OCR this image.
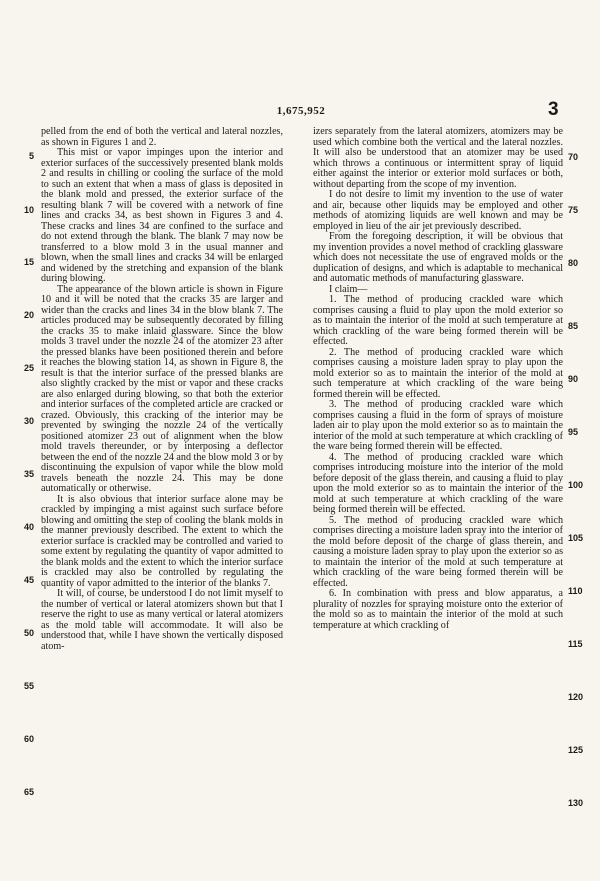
1,675,952	3

pelled from the end of both the vertical and lateral nozzles, as shown in Figures 1 and 2.

This mist or vapor impinges upon the interior and exterior surfaces of the successively presented blank molds 2 and results in chilling or cooling the surface of the mold to such an extent that when a mass of glass is deposited in the blank mold and pressed, the exterior surface of the resulting blank 7 will be covered with a network of fine lines and cracks 34, as best shown in Figures 3 and 4. These cracks and lines 34 are confined to the surface and do not extend through the blank. The blank 7 may now be transferred to a blow mold 3 in the usual manner and blown, when the small lines and cracks 34 will be enlarged and widened by the stretching and expansion of the blank during blowing.

The appearance of the blown article is shown in Figure 10 and it will be noted that the cracks 35 are larger and wider than the cracks and lines 34 in the blow blank 7. The articles produced may be subsequently decorated by filling the cracks 35 to make inlaid glassware. Since the blow molds 3 travel under the nozzle 24 of the atomizer 23 after the pressed blanks have been positioned therein and before it reaches the blowing station 14, as shown in Figure 8, the result is that the interior surface of the pressed blanks are also slightly cracked by the mist or vapor and these cracks are also enlarged during blowing, so that both the exterior and interior surfaces of the completed article are cracked or crazed. Obviously, this cracking of the interior may be prevented by swinging the nozzle 24 of the vertically positioned atomizer 23 out of alignment when the blow mold travels thereunder, or by interposing a deflector between the end of the nozzle 24 and the blow mold 3 or by discontinuing the expulsion of vapor while the blow mold travels beneath the nozzle 24. This may be done automatically or otherwise.

It is also obvious that interior surface alone may be crackled by impinging a mist against such surface before blowing and omitting the step of cooling the blank molds in the manner previously described. The extent to which the exterior surface is crackled may be controlled and varied to some extent by regulating the quantity of vapor admitted to the blank molds and the extent to which the interior surface is crackled may also be controlled by regulating the quantity of vapor admitted to the interior of the blanks 7.

It will, of course, be understood I do not limit myself to the number of vertical or lateral atomizers shown but that I reserve the right to use as many vertical or lateral atomizers as the mold table will accommodate. It will also be understood that, while I have shown the vertically disposed atom-

5
10
15
20
25
30
35
40
45
50
55
60
65

izers separately from the lateral atomizers, atomizers may be used which combine both the vertical and the lateral nozzles. It will also be understood that an atomizer may be used which throws a continuous or intermittent spray of liquid either against the interior or exterior mold surfaces or both, without departing from the scope of my invention.

I do not desire to limit my invention to the use of water and air, because other liquids may be employed and other methods of atomizing liquids are well known and may be employed in lieu of the air jet previously described.

From the foregoing description, it will be obvious that my invention provides a novel method of crackling glassware which does not necessitate the use of engraved molds or the duplication of designs, and which is adaptable to mechanical and automatic methods of manufacturing glassware.

I claim—

1. The method of producing crackled ware which comprises causing a fluid to play upon the mold exterior so as to maintain the interior of the mold at such temperature at which crackling of the ware being formed therein will be effected.

2. The method of producing crackled ware which comprises causing a moisture laden spray to play upon the mold exterior so as to maintain the interior of the mold at such temperature at which crackling of the ware being formed therein will be effected.

3. The method of producing crackled ware which comprises causing a fluid in the form of sprays of moisture laden air to play upon the mold exterior so as to maintain the interior of the mold at such temperature at which crackling of the ware being formed therein will be effected.

4. The method of producing crackled ware which comprises introducing moisture into the interior of the mold before deposit of the glass therein, and causing a fluid to play upon the mold exterior so as to maintain the interior of the mold at such temperature at which crackling of the ware being formed therein will be effected.

5. The method of producing crackled ware which comprises directing a moisture laden spray into the interior of the mold before deposit of the charge of glass therein, and causing a moisture laden spray to play upon the exterior so as to maintain the interior of the mold at such temperature at which crackling of the ware being formed therein will be effected.

6. In combination with press and blow apparatus, a plurality of nozzles for spraying moisture onto the exterior of the mold so as to maintain the interior of the mold at such temperature at which crackling of

70
75
80
85
90
95
100
105
110
115
120
125
130
